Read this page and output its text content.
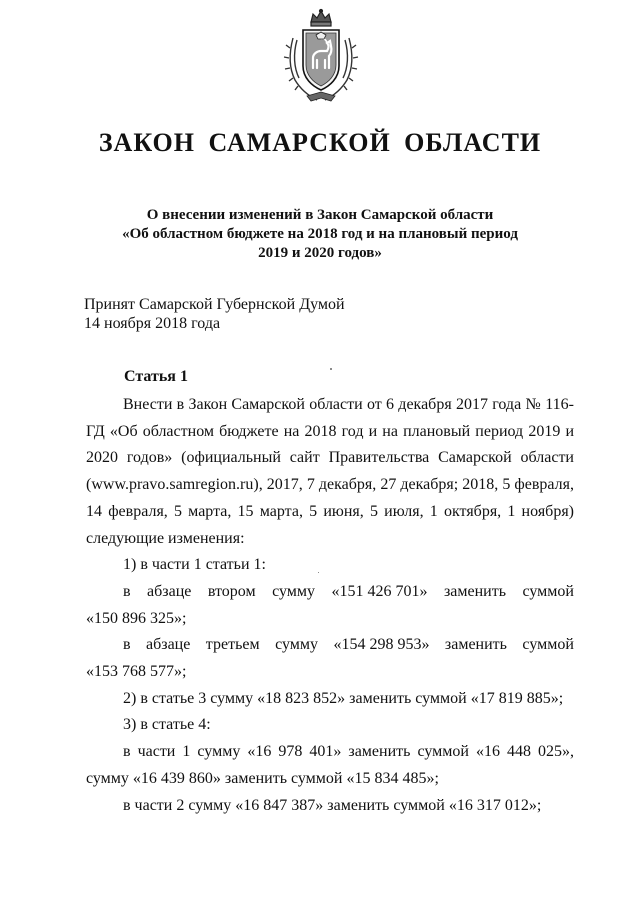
ЗАКОН САМАРСКОЙ ОБЛАСТИ
О внесении изменений в Закон Самарской области
«Об областном бюджете на 2018 год и на плановый период
2019 и 2020 годов»
Принят Самарской Губернской Думой
14 ноября 2018 года
Статья 1

Внести в Закон Самарской области от 6 декабря 2017 года № 116-ГД «Об областном бюджете на 2018 год и на плановый период 2019 и 2020 годов» (официальный сайт Правительства Самарской области (www.pravo.samregion.ru), 2017, 7 декабря, 27 декабря; 2018, 5 февраля, 14 февраля, 5 марта, 15 марта, 5 июня, 5 июля, 1 октября, 1 ноября) следующие изменения:

1) в части 1 статьи 1:

в абзаце втором сумму «151 426 701» заменить суммой

«150 896 325»;

в абзаце третьем сумму «154 298 953» заменить суммой

«153 768 577»;

2) в статье 3 сумму «18 823 852» заменить суммой «17 819 885»;

3) в статье 4:

в части 1 сумму «16 978 401» заменить суммой «16 448 025», сумму «16 439 860» заменить суммой «15 834 485»;

в части 2 сумму «16 847 387» заменить суммой «16 317 012»;
